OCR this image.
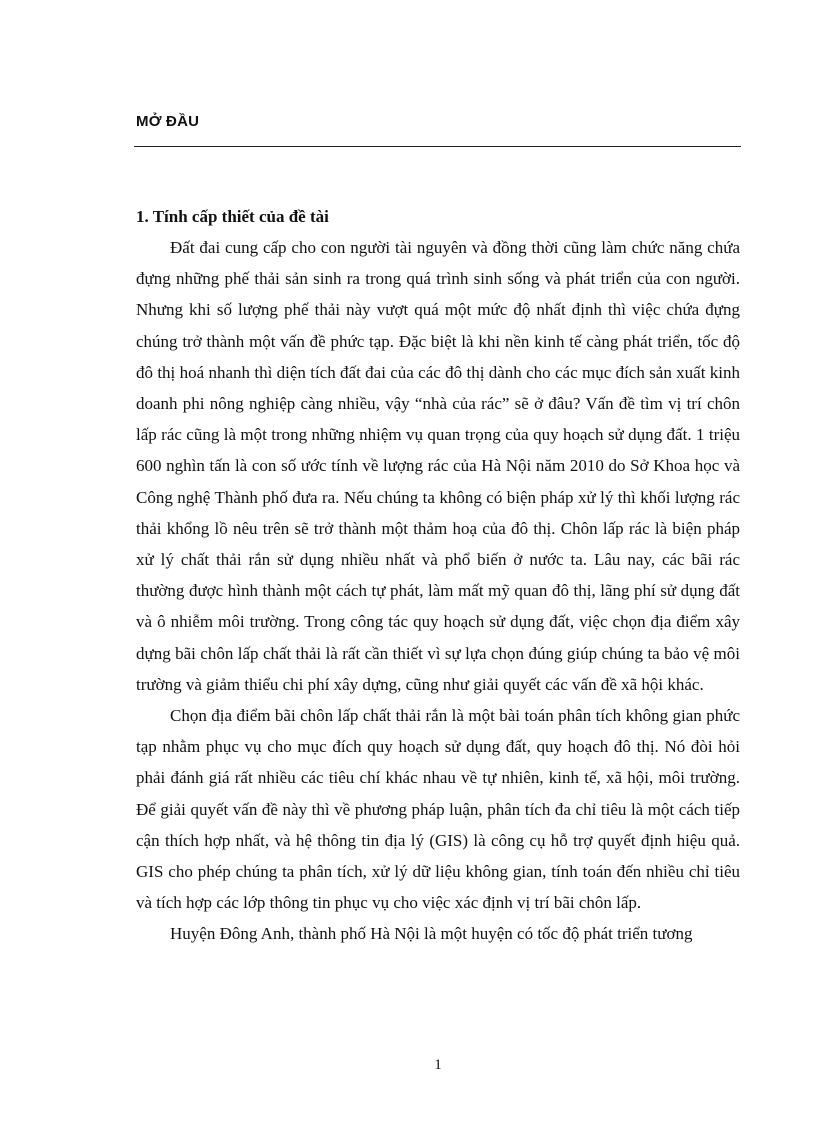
MỞ ĐẦU
1. Tính cấp thiết của đề tài

Đất đai cung cấp cho con người tài nguyên và đồng thời cũng làm chức năng chứa đựng những phế thải sản sinh ra trong quá trình sinh sống và phát triển của con người. Nhưng khi số lượng phế thải này vượt quá một mức độ nhất định thì việc chứa đựng chúng trở thành một vấn đề phức tạp. Đặc biệt là khi nền kinh tế càng phát triển, tốc độ đô thị hoá nhanh thì diện tích đất đai của các đô thị dành cho các mục đích sản xuất kinh doanh phi nông nghiệp càng nhiều, vậy “nhà của rác” sẽ ở đâu? Vấn đề tìm vị trí chôn lấp rác cũng là một trong những nhiệm vụ quan trọng của quy hoạch sử dụng đất. 1 triệu 600 nghìn tấn là con số ước tính về lượng rác của Hà Nội năm 2010 do Sở Khoa học và Công nghệ Thành phố đưa ra. Nếu chúng ta không có biện pháp xử lý thì khối lượng rác thải khổng lồ nêu trên sẽ trở thành một thảm hoạ của đô thị. Chôn lấp rác là biện pháp xử lý chất thải rắn sử dụng nhiều nhất và phổ biến ở nước ta. Lâu nay, các bãi rác thường được hình thành một cách tự phát, làm mất mỹ quan đô thị, lãng phí sử dụng đất và ô nhiễm môi trường. Trong công tác quy hoạch sử dụng đất, việc chọn địa điểm xây dựng bãi chôn lấp chất thải là rất cần thiết vì sự lựa chọn đúng giúp chúng ta bảo vệ môi trường và giảm thiểu chi phí xây dựng, cũng như giải quyết các vấn đề xã hội khác.

Chọn địa điểm bãi chôn lấp chất thải rắn là một bài toán phân tích không gian phức tạp nhằm phục vụ cho mục đích quy hoạch sử dụng đất, quy hoạch đô thị. Nó đòi hỏi phải đánh giá rất nhiều các tiêu chí khác nhau về tự nhiên, kinh tế, xã hội, môi trường. Để giải quyết vấn đề này thì về phương pháp luận, phân tích đa chỉ tiêu là một cách tiếp cận thích hợp nhất, và hệ thông tin địa lý (GIS) là công cụ hỗ trợ quyết định hiệu quả. GIS cho phép chúng ta phân tích, xử lý dữ liệu không gian, tính toán đến nhiều chỉ tiêu và tích hợp các lớp thông tin phục vụ cho việc xác định vị trí bãi chôn lấp.

Huyện Đông Anh, thành phố Hà Nội là một huyện có tốc độ phát triển tương

1
